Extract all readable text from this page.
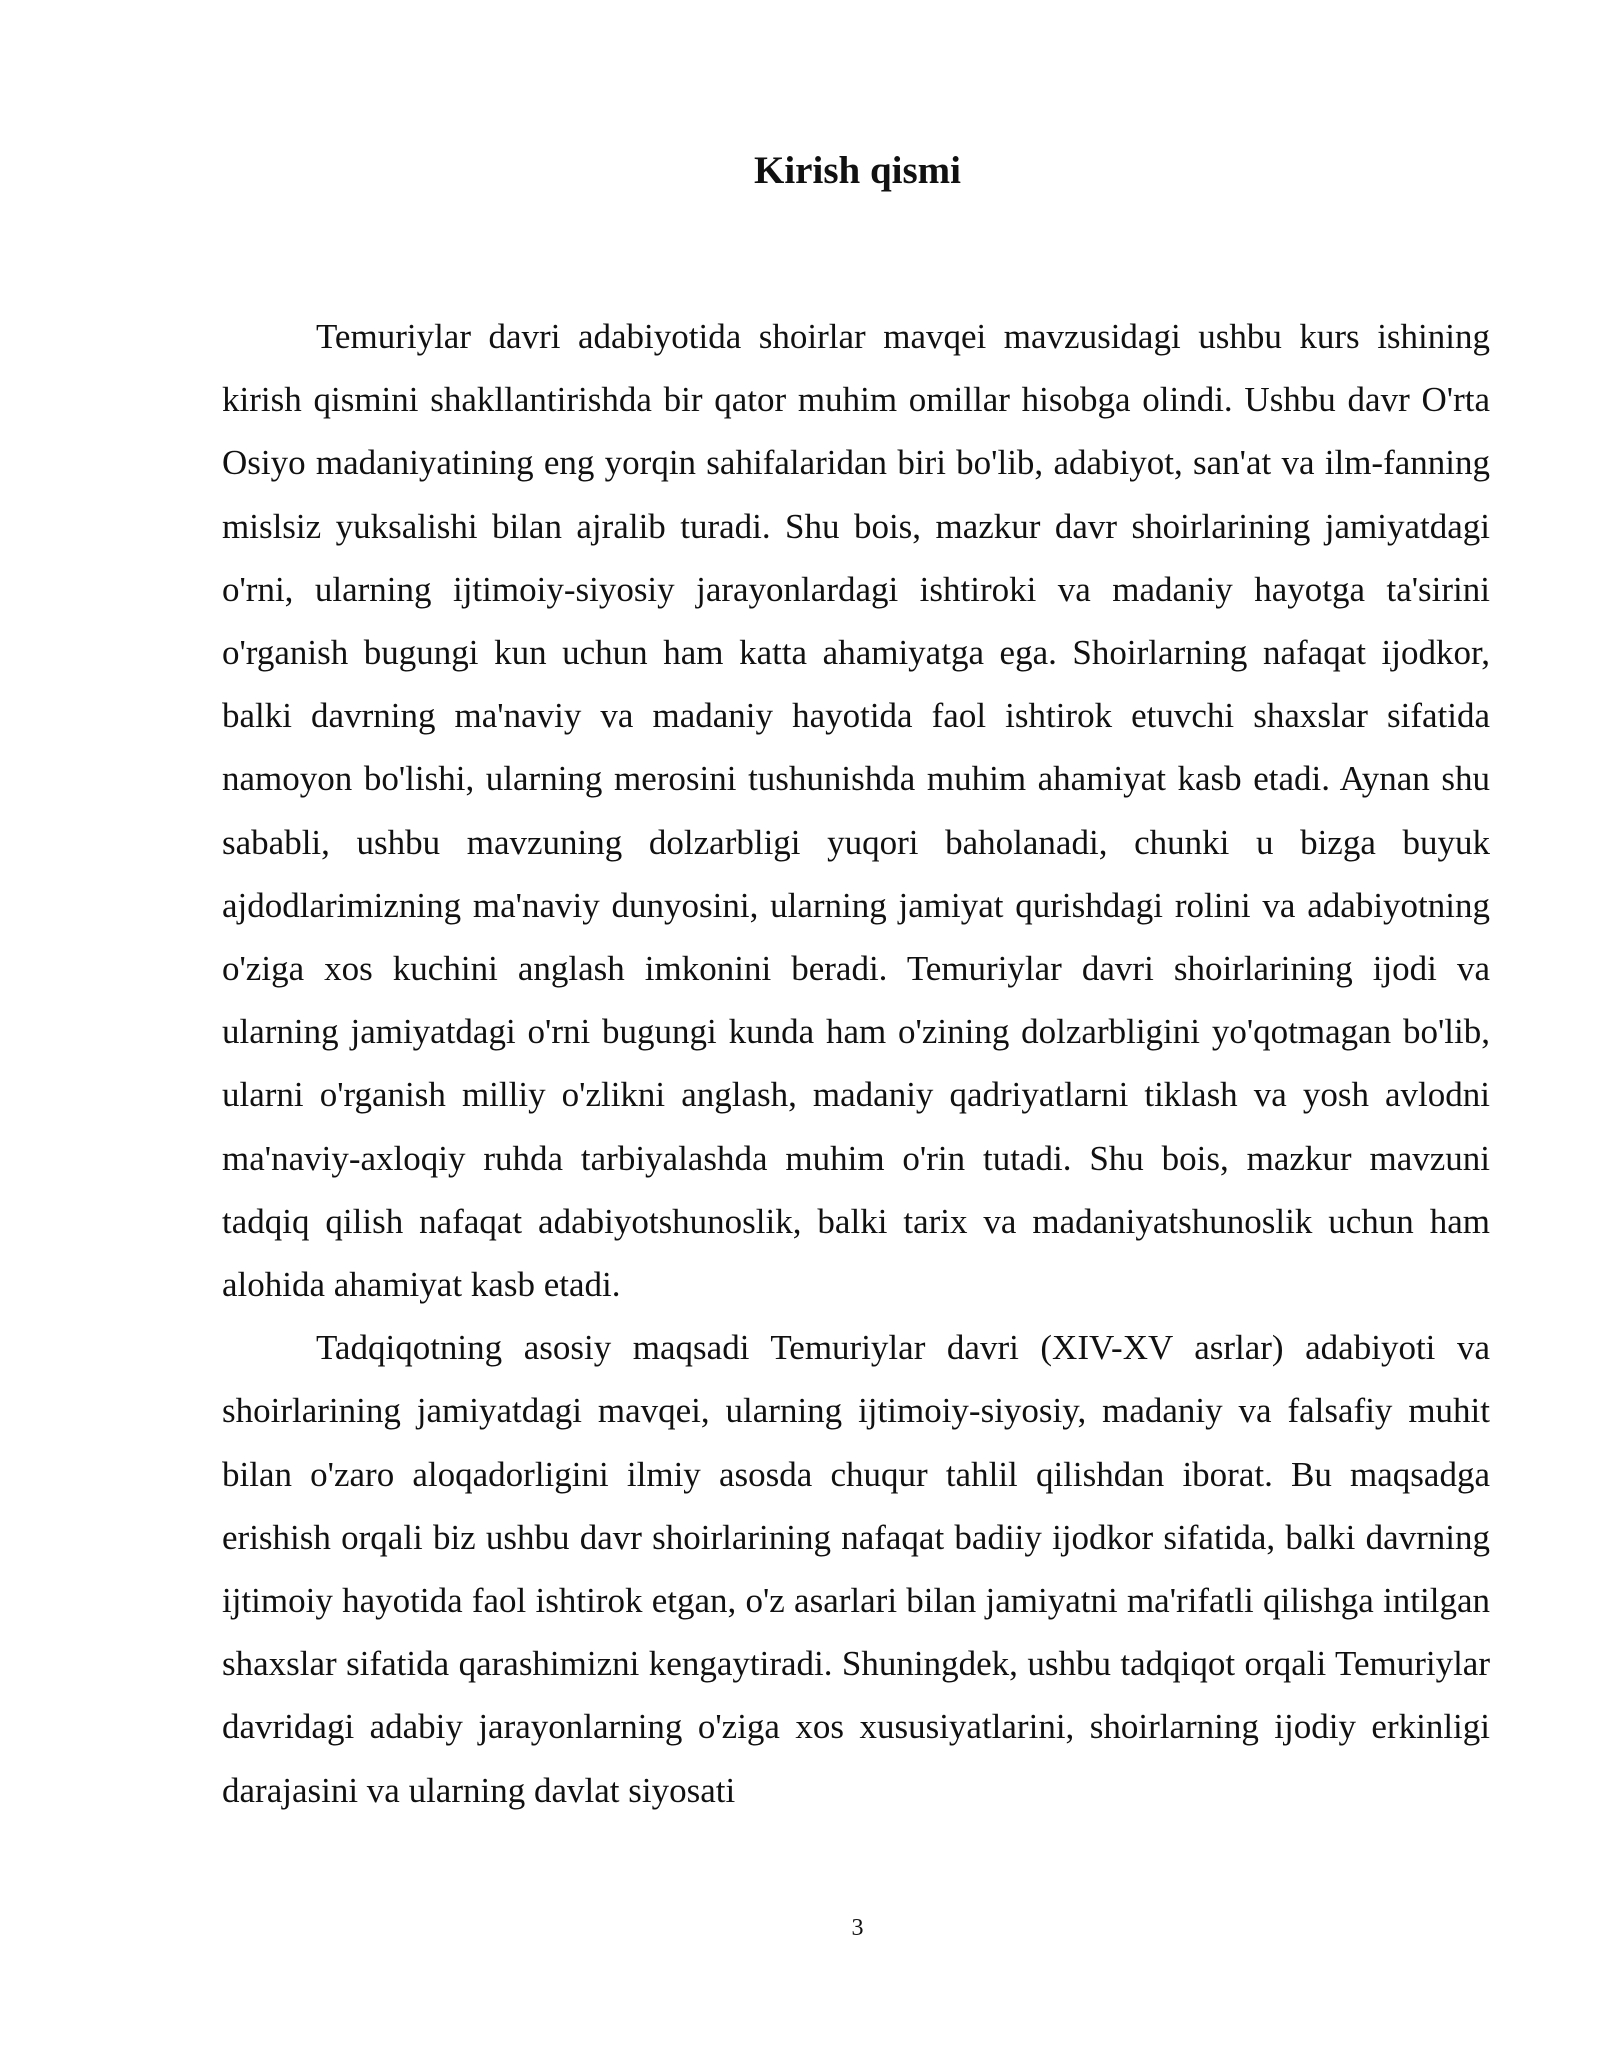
Kirish qismi

Temuriylar davri adabiyotida shoirlar mavqei mavzusidagi ushbu kurs ishining kirish qismini shakllantirishda bir qator muhim omillar hisobga olindi. Ushbu davr O'rta Osiyo madaniyatining eng yorqin sahifalaridan biri bo'lib, adabiyot, san'at va ilm-fanning mislsiz yuksalishi bilan ajralib turadi. Shu bois, mazkur davr shoirlarining jamiyatdagi o'rni, ularning ijtimoiy-siyosiy jarayonlardagi ishtiroki va madaniy hayotga ta'sirini o'rganish bugungi kun uchun ham katta ahamiyatga ega. Shoirlarning nafaqat ijodkor, balki davrning ma'naviy va madaniy hayotida faol ishtirok etuvchi shaxslar sifatida namoyon bo'lishi, ularning merosini tushunishda muhim ahamiyat kasb etadi. Aynan shu sababli, ushbu mavzuning dolzarbligi yuqori baholanadi, chunki u bizga buyuk ajdodlarimizning ma'naviy dunyosini, ularning jamiyat qurishdagi rolini va adabiyotning o'ziga xos kuchini anglash imkonini beradi. Temuriylar davri shoirlarining ijodi va ularning jamiyatdagi o'rni bugungi kunda ham o'zining dolzarbligini yo'qotmagan bo'lib, ularni o'rganish milliy o'zlikni anglash, madaniy qadriyatlarni tiklash va yosh avlodni ma'naviy-axloqiy ruhda tarbiyalashda muhim o'rin tutadi. Shu bois, mazkur mavzuni tadqiq qilish nafaqat adabiyotshunoslik, balki tarix va madaniyatshunoslik uchun ham alohida ahamiyat kasb etadi.

Tadqiqotning asosiy maqsadi Temuriylar davri (XIV-XV asrlar) adabiyoti va shoirlarining jamiyatdagi mavqei, ularning ijtimoiy-siyosiy, madaniy va falsafiy muhit bilan o'zaro aloqadorligini ilmiy asosda chuqur tahlil qilishdan iborat. Bu maqsadga erishish orqali biz ushbu davr shoirlarining nafaqat badiiy ijodkor sifatida, balki davrning ijtimoiy hayotida faol ishtirok etgan, o'z asarlari bilan jamiyatni ma'rifatli qilishga intilgan shaxslar sifatida qarashimizni kengaytiradi. Shuningdek, ushbu tadqiqot orqali Temuriylar davridagi adabiy jarayonlarning o'ziga xos xususiyatlarini, shoirlarning ijodiy erkinligi darajasini va ularning davlat siyosati

3
